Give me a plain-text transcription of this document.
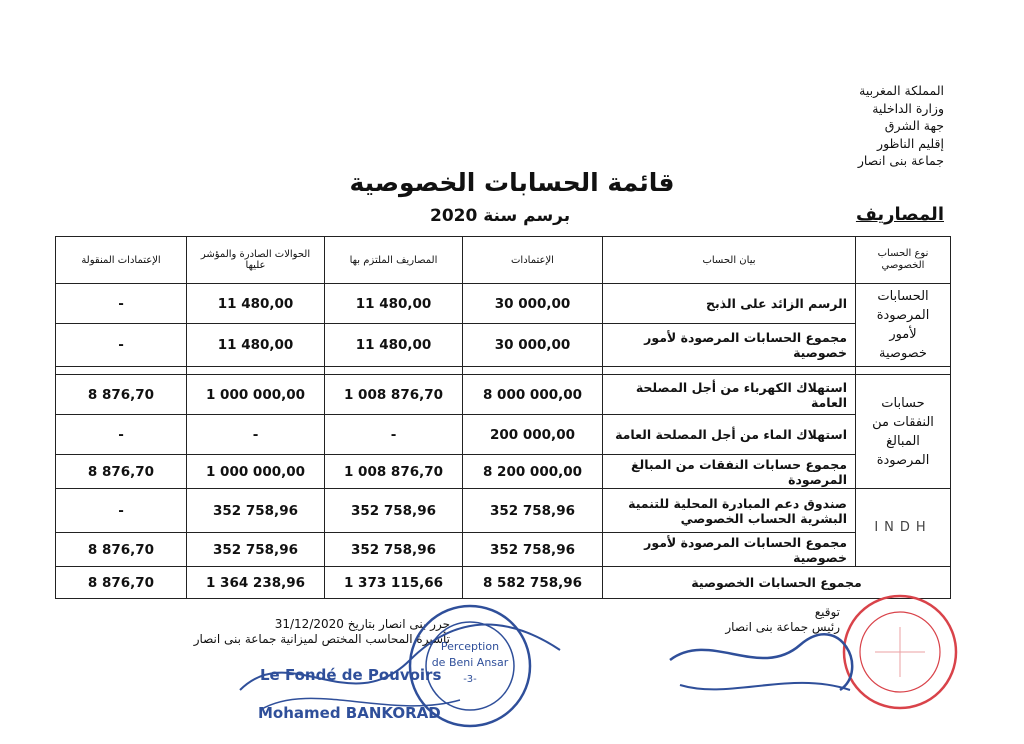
المملكة المغربية
وزارة الداخلية
جهة الشرق
إقليم الناظور
جماعة بنى انصار
قائمة الحسابات الخصوصية
برسم سنة 2020	المصاريف
الإعتمادات المنقولة	الحوالات الصادرة والمؤشر عليها	المصاريف الملتزم بها	الإعتمادات	بيان الحساب	نوع الحساب الخصوصي
-	11 480,00	11 480,00	30 000,00	الرسم الزائد على الذبح	الحسابات المرصودة لأمور خصوصية
-	11 480,00	11 480,00	30 000,00	مجموع الحسابات المرصودة لأمور خصوصية	

8 876,70	1 000 000,00	1 008 876,70	8 000 000,00	استهلاك الكهرباء من أجل المصلحة العامة	حسابات النفقات من المبالغ المرصودة
-	-	-	200 000,00	استهلاك الماء من أجل المصلحة العامة	
8 876,70	1 000 000,00	1 008 876,70	8 200 000,00	مجموع حسابات النفقات من المبالغ المرصودة	
-	352 758,96	352 758,96	352 758,96	صندوق دعم المبادرة المحلية للتنمية البشرية الحساب الخصوصي	INDH
8 876,70	352 758,96	352 758,96	352 758,96	مجموع الحسابات المرصودة لأمور خصوصية	
8 876,70	1 364 238,96	1 373 115,66	8 582 758,96	مجموع الحسابات الخصوصية	
حرر بنى انصار بتاريخ 31/12/2020
تأشيرة المحاسب المختص لميزانية جماعة بنى انصار
Perception
de Beni Ansar
-3-
Le Fondé de Pouvoirs
Mohamed BANKORAD
توقيع
رئيس جماعة بنى انصار
